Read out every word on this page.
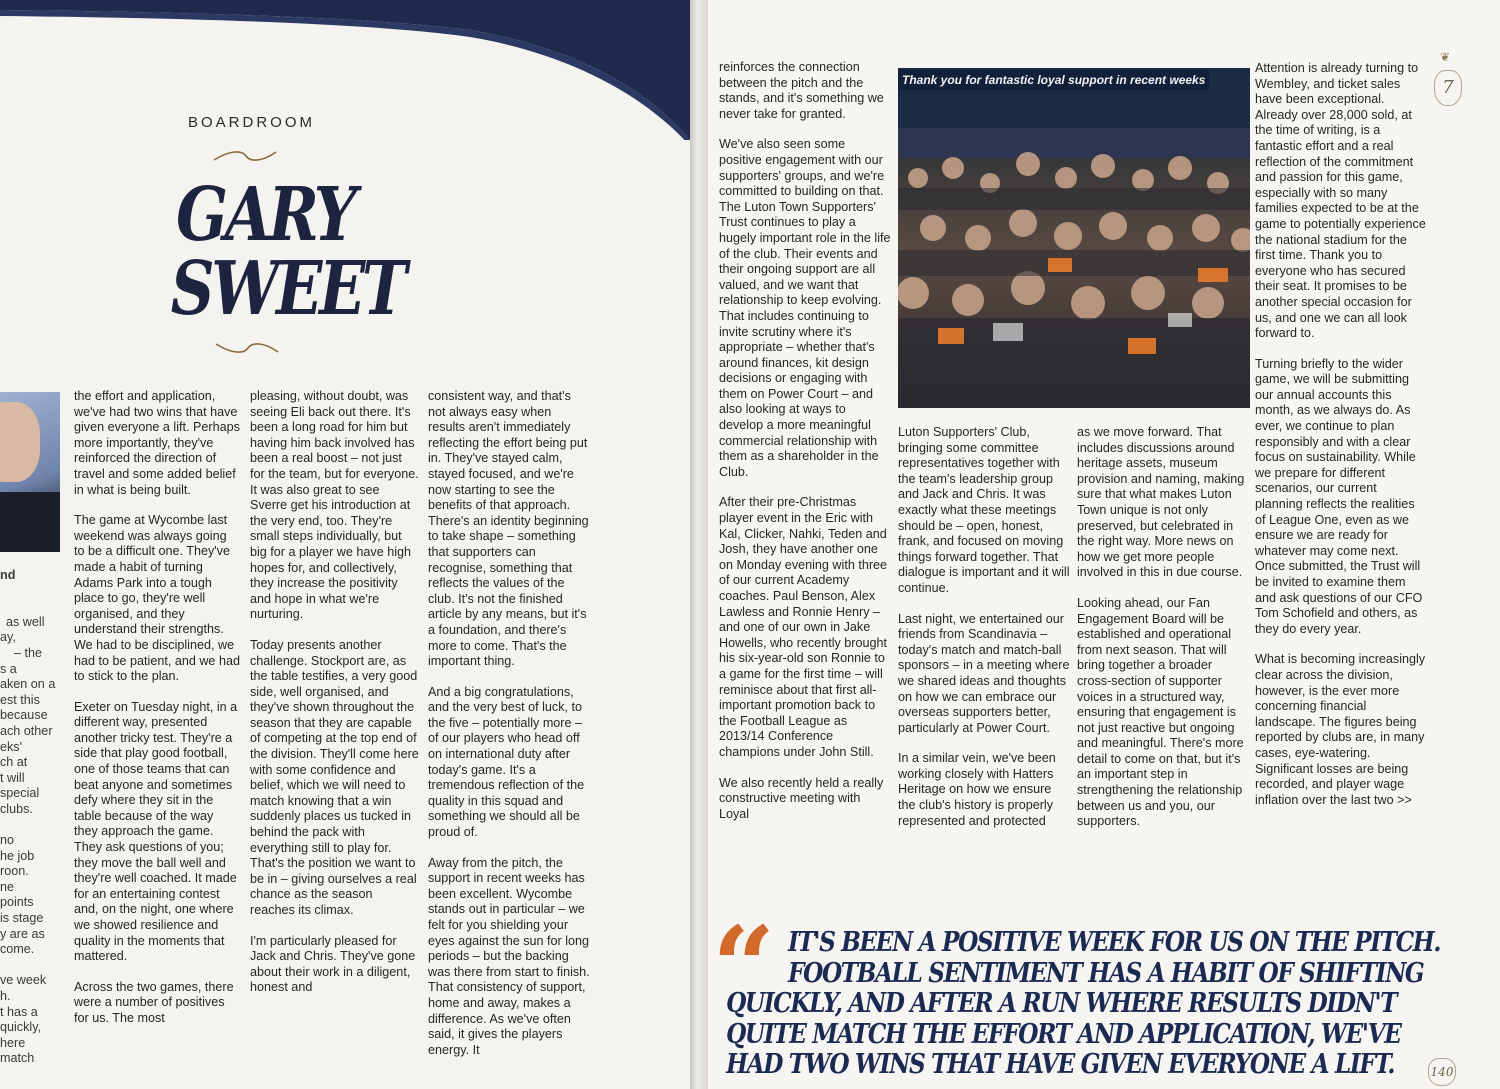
BOARDROOM
GARY
SWEET
nd

as well
ay,
– the
s a
aken on a
est this
because
ach other
eks'
ch at
t will
special
clubs.

no
he job
roon.
ne
points
is stage
y are as
come.

ve week
h.
t has a
quickly,
here
match

the effort and application, we've had two wins that have given everyone a lift. Perhaps more importantly, they've reinforced the direction of travel and some added belief in what is being built.

The game at Wycombe last weekend was always going to be a difficult one. They've made a habit of turning Adams Park into a tough place to go, they're well organised, and they understand their strengths. We had to be disciplined, we had to be patient, and we had to stick to the plan.

Exeter on Tuesday night, in a different way, presented another tricky test. They're a side that play good football, one of those teams that can beat anyone and sometimes defy where they sit in the table because of the way they approach the game. They ask questions of you; they move the ball well and they're well coached. It made for an entertaining contest and, on the night, one where we showed resilience and quality in the moments that mattered.

Across the two games, there were a number of positives for us. The most

pleasing, without doubt, was seeing Eli back out there. It's been a long road for him but having him back involved has been a real boost – not just for the team, but for everyone. It was also great to see Sverre get his introduction at the very end, too. They're small steps individually, but big for a player we have high hopes for, and collectively, they increase the positivity and hope in what we're nurturing.

Today presents another challenge. Stockport are, as the table testifies, a very good side, well organised, and they've shown throughout the season that they are capable of competing at the top end of the division. They'll come here with some confidence and belief, which we will need to match knowing that a win suddenly places us tucked in behind the pack with everything still to play for. That's the position we want to be in – giving ourselves a real chance as the season reaches its climax.

I'm particularly pleased for Jack and Chris. They've gone about their work in a diligent, honest and

consistent way, and that's not always easy when results aren't immediately reflecting the effort being put in. They've stayed calm, stayed focused, and we're now starting to see the benefits of that approach. There's an identity beginning to take shape – something that supporters can recognise, something that reflects the values of the club. It's not the finished article by any means, but it's a foundation, and there's more to come. That's the important thing.

And a big congratulations, and the very best of luck, to the five – potentially more – of our players who head off on international duty after today's game. It's a tremendous reflection of the quality in this squad and something we should all be proud of.

Away from the pitch, the support in recent weeks has been excellent. Wycombe stands out in particular – we felt for you shielding your eyes against the sun for long periods – but the backing was there from start to finish. That consistency of support, home and away, makes a difference. As we've often said, it gives the players energy. It

reinforces the connection between the pitch and the stands, and it's something we never take for granted.

We've also seen some positive engagement with our supporters' groups, and we're committed to building on that. The Luton Town Supporters' Trust continues to play a hugely important role in the life of the club. Their events and their ongoing support are all valued, and we want that relationship to keep evolving. That includes continuing to invite scrutiny where it's appropriate – whether that's around finances, kit design decisions or engaging with them on Power Court – and also looking at ways to develop a more meaningful commercial relationship with them as a shareholder in the Club.

After their pre-Christmas player event in the Eric with Kal, Clicker, Nahki, Teden and Josh, they have another one on Monday evening with three of our current Academy coaches. Paul Benson, Alex Lawless and Ronnie Henry – and one of our own in Jake Howells, who recently brought his six-year-old son Ronnie to a game for the first time – will reminisce about that first all-important promotion back to the Football League as 2013/14 Conference champions under John Still.

We also recently held a really constructive meeting with Loyal

Thank you for fantastic loyal support in recent weeks

Luton Supporters' Club, bringing some committee representatives together with the team's leadership group and Jack and Chris. It was exactly what these meetings should be – open, honest, frank, and focused on moving things forward together. That dialogue is important and it will continue.

Last night, we entertained our friends from Scandinavia – today's match and match-ball sponsors – in a meeting where we shared ideas and thoughts on how we can embrace our overseas supporters better, particularly at Power Court.

In a similar vein, we've been working closely with Hatters Heritage on how we ensure the club's history is properly represented and protected

as we move forward. That includes discussions around heritage assets, museum provision and naming, making sure that what makes Luton Town unique is not only preserved, but celebrated in the right way. More news on how we get more people involved in this in due course.

Looking ahead, our Fan Engagement Board will be established and operational from next season. That will bring together a broader cross-section of supporter voices in a structured way, ensuring that engagement is not just reactive but ongoing and meaningful. There's more detail to come on that, but it's an important step in strengthening the relationship between us and you, our supporters.

Attention is already turning to Wembley, and ticket sales have been exceptional. Already over 28,000 sold, at the time of writing, is a fantastic effort and a real reflection of the commitment and passion for this game, especially with so many families expected to be at the game to potentially experience the national stadium for the first time. Thank you to everyone who has secured their seat. It promises to be another special occasion for us, and one we can all look forward to.

Turning briefly to the wider game, we will be submitting our annual accounts this month, as we always do. As ever, we continue to plan responsibly and with a clear focus on sustainability. While we prepare for different scenarios, our current planning reflects the realities of League One, even as we ensure we are ready for whatever may come next. Once submitted, the Trust will be invited to examine them and ask questions of our CFO Tom Schofield and others, as they do every year.

What is becoming increasingly clear across the division, however, is the ever more concerning financial landscape. The figures being reported by clubs are, in many cases, eye-watering. Significant losses are being recorded, and player wage inflation over the last two >>

❦
7
“ IT'S BEEN A POSITIVE WEEK FOR US ON THE PITCH.
FOOTBALL SENTIMENT HAS A HABIT OF SHIFTING
QUICKLY, AND AFTER A RUN WHERE RESULTS DIDN'T
QUITE MATCH THE EFFORT AND APPLICATION, WE'VE
HAD TWO WINS THAT HAVE GIVEN EVERYONE A LIFT.	140
